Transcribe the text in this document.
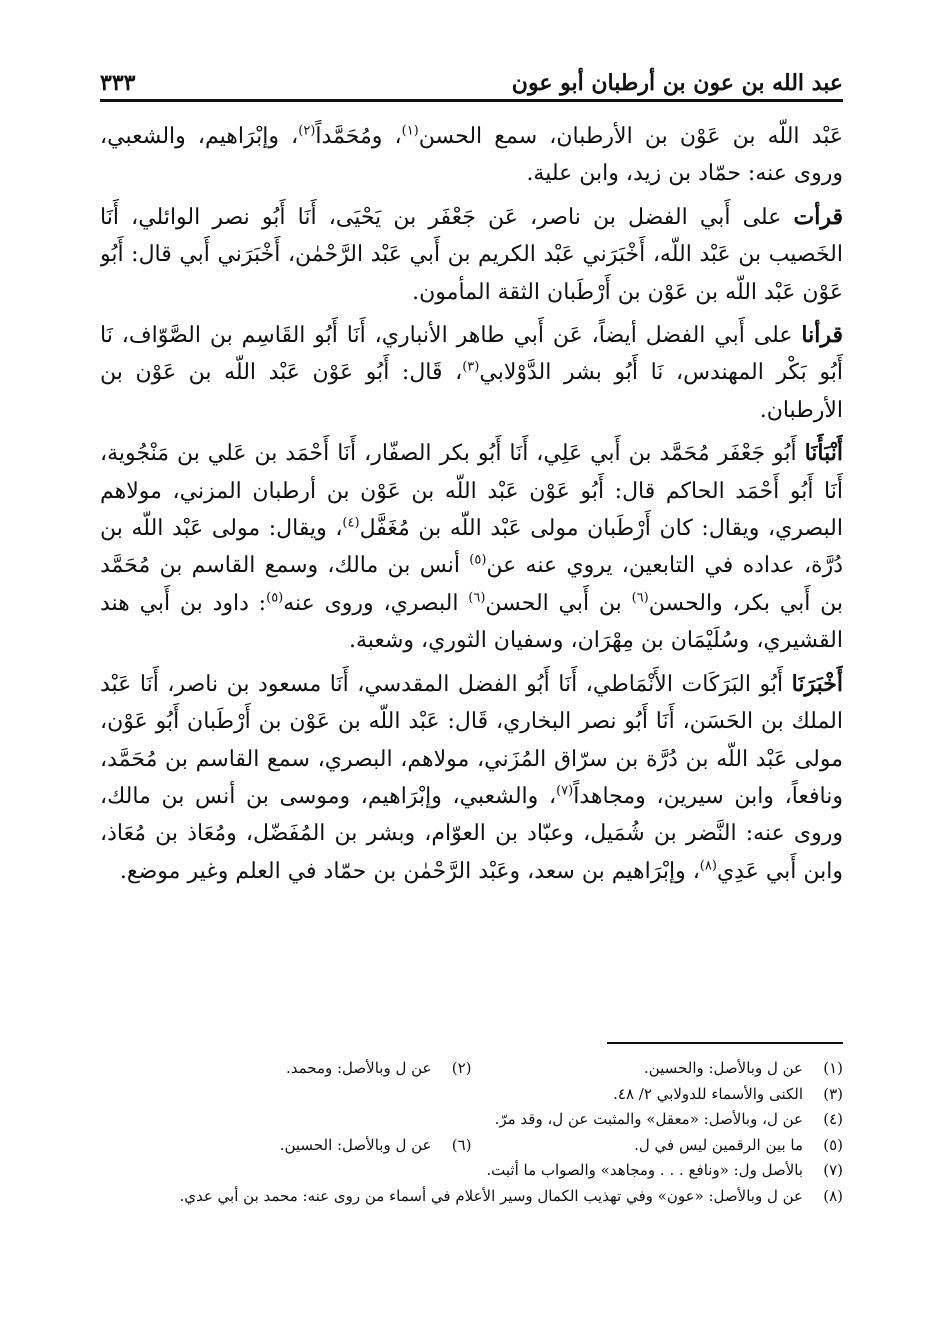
عبد الله بن عون بن أرطبان أبو عون
٣٣٣

عَبْد اللّه بن عَوْن بن الأرطبان، سمع الحسن$^{(١)}$، ومُحَمَّداً$^{(٢)}$، وإبْرَاهيم، والشعبي، وروى عنه: حمّاد بن زيد، وابن علية.

قرأت على أَبي الفضل بن ناصر، عَن جَعْفَر بن يَحْيَى، أَنَا أَبُو نصر الوائلي، أَنَا الخَصيب بن عَبْد اللّه، أَخْبَرَني عَبْد الكريم بن أَبي عَبْد الرَّحْمٰن، أَخْبَرَني أَبي قال: أَبُو عَوْن عَبْد اللّه بن عَوْن بن أَرْطَبان الثقة المأمون.

قرأنا على أَبي الفضل أيضاً، عَن أَبي طاهر الأنباري، أَنَا أَبُو القَاسِم بن الصَّوّاف، نَا أَبُو بَكْر المهندس، نَا أَبُو بشر الدَّوْلابي$^{(٣)}$، قَال: أَبُو عَوْن عَبْد اللّه بن عَوْن بن الأرطبان.

أَنْبَأَنَا أَبُو جَعْفَر مُحَمَّد بن أَبي عَلِي، أَنَا أَبُو بكر الصفّار، أَنَا أَحْمَد بن عَلي بن مَنْجُوية، أَنَا أَبُو أَحْمَد الحاكم قال: أَبُو عَوْن عَبْد اللّه بن عَوْن بن أرطبان المزني، مولاهم البصري، ويقال: كان أَرْطَبان مولى عَبْد اللّه بن مُغَفَّل$^{(٤)}$، ويقال: مولى عَبْد اللّه بن دُرَّة، عداده في التابعين، يروي عنه عن$^{(٥)}$ أنس بن مالك، وسمع القاسم بن مُحَمَّد بن أَبي بكر، والحسن$^{(٦)}$ بن أَبي الحسن$^{(٦)}$ البصري، وروى عنه$^{(٥)}$: داود بن أَبي هند القشيري، وسُلَيْمَان بن مِهْرَان، وسفيان الثوري، وشعبة.

أَخْبَرَنَا أَبُو البَرَكَات الأَنْمَاطي، أَنَا أَبُو الفضل المقدسي، أَنَا مسعود بن ناصر، أَنَا عَبْد الملك بن الحَسَن، أَنَا أَبُو نصر البخاري، قَال: عَبْد اللّه بن عَوْن بن أَرْطَبان أَبُو عَوْن، مولى عَبْد اللّه بن دُرَّة بن سرّاق المُزَني، مولاهم، البصري، سمع القاسم بن مُحَمَّد، ونافعاً، وابن سيرين، ومجاهداً$^{(٧)}$، والشعبي، وإبْرَاهيم، وموسى بن أنس بن مالك، وروى عنه: النَّضر بن شُمَيل، وعبّاد بن العوّام، وبشر بن المُفَضّل، ومُعَاذ بن مُعَاذ، وابن أَبي عَدِي$^{(٨)}$، وإبْرَاهيم بن سعد، وعَبْد الرَّحْمٰن بن حمّاد في العلم وغير موضع.

(١)
عن ل وبالأصل: والحسين.
(٢)
عن ل وبالأصل: ومحمد.
(٣)
الكنى والأسماء للدولابي ٢/ ٤٨.
(٤)
عن ل، وبالأصل: «معقل» والمثبت عن ل، وقد مرّ.
(٥)
ما بين الرقمين ليس في ل.
(٦)
عن ل وبالأصل: الحسين.
(٧)
بالأصل ول: «ونافع . . . ومجاهد» والصواب ما أثبت.
(٨)
عن ل وبالأصل: «عون» وفي تهذيب الكمال وسير الأعلام في أسماء من روى عنه: محمد بن أبي عدي.
